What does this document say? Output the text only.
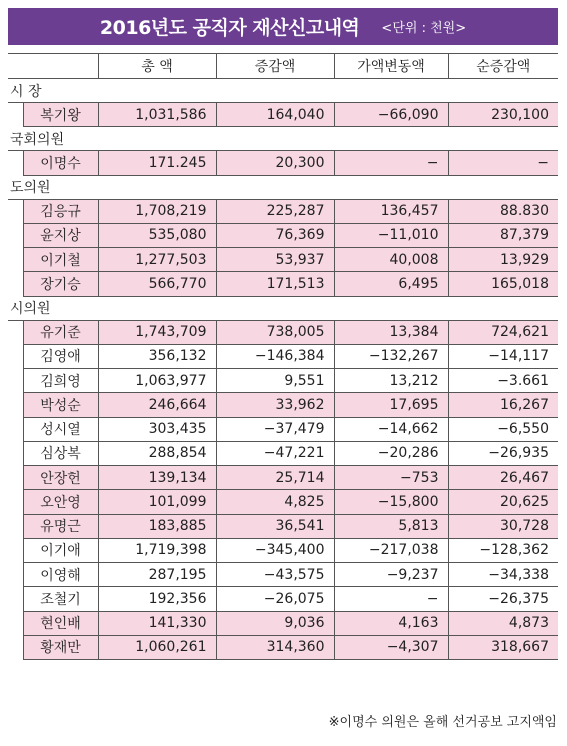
2016년도 공직자 재산신고내역 <단위 : 천원>
		총 액	증감액	가액변동액	순증감액
시 장					
	복기왕	1,031,586	164,040	−66,090	230,100
국회의원					
	이명수	171.245	20,300	−	−
도의원					
	김응규	1,708,219	225,287	136,457	88.830
	윤지상	535,080	76,369	−11,010	87,379
	이기철	1,277,503	53,937	40,008	13,929
	장기승	566,770	171,513	6,495	165,018
시의원					
	유기준	1,743,709	738,005	13,384	724,621
	김영애	356,132	−146,384	−132,267	−14,117
	김희영	1,063,977	9,551	13,212	−3.661
	박성순	246,664	33,962	17,695	16,267
	성시열	303,435	−37,479	−14,662	−6,550
	심상복	288,854	−47,221	−20,286	−26,935
	안장헌	139,134	25,714	−753	26,467
	오안영	101,099	4,825	−15,800	20,625
	유명근	183,885	36,541	5,813	30,728
	이기애	1,719,398	−345,400	−217,038	−128,362
	이영해	287,195	−43,575	−9,237	−34,338
	조철기	192,356	−26,075	−	−26,375
	현인배	141,330	9,036	4,163	4,873
	황재만	1,060,261	314,360	−4,307	318,667
※이명수 의원은 올해 선거공보 고지액임
